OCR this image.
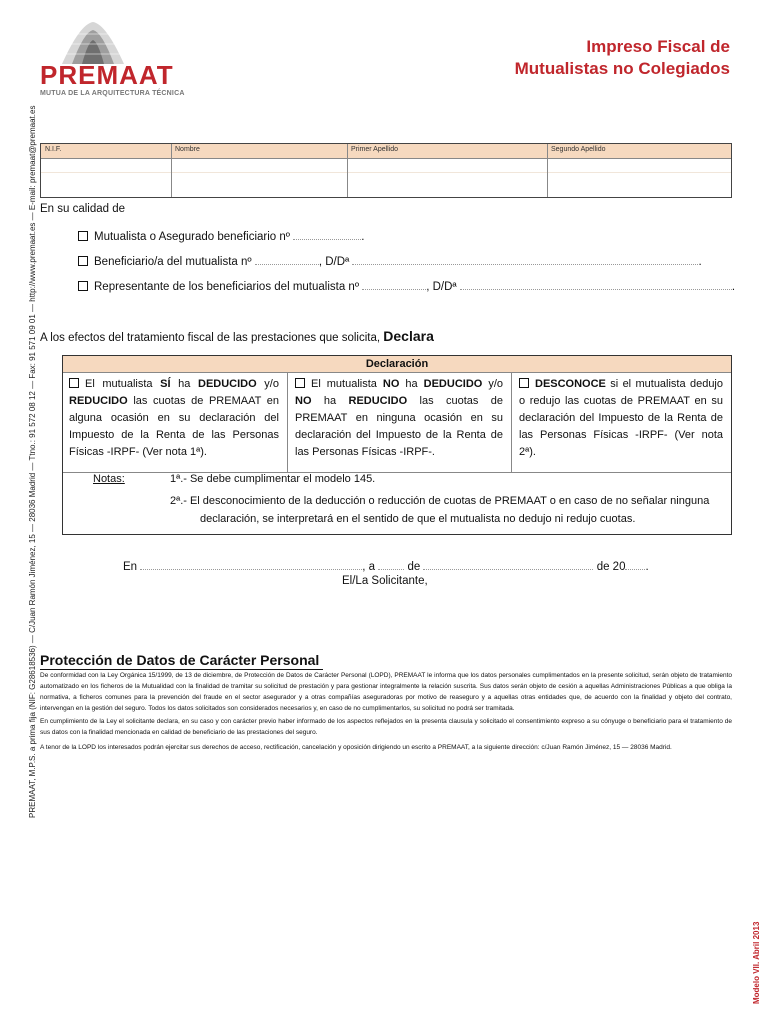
PREMAAT
MUTUA DE LA ARQUITECTURA TÉCNICA
Impreso Fiscal de
Mutualistas no Colegiados
PREMAAT, M.P.S. a prima fija (NIF: G28618536) — C/Juan Ramón Jiménez, 15 — 28036 Madrid — Ttno.: 91 572 08 12 — Fax: 91 571 09 01 — http://www.premaat.es — E-mail: premaat@premaat.es
Modelo VII. Abril 2013
N.I.F.	Nombre	Primer Apellido	Segundo Apellido
En su calidad de
Mutualista o Asegurado beneficiario nº	.
Beneficiario/a del mutualista nº	, D/Dª	.
Representante de los beneficiarios del mutualista nº	, D/Dª	.
A los efectos del tratamiento fiscal de las prestaciones que solicita, Declara
Declaración
El mutualista SÍ ha DEDUCIDO y/o REDUCIDO las cuotas de PREMAAT en alguna ocasión en su declaración del Impuesto de la Renta de las Personas Físicas -IRPF- (Ver nota 1ª).
El mutualista NO ha DEDUCIDO y/o NO ha REDUCIDO las cuotas de PREMAAT en ninguna ocasión en su declaración del Impuesto de la Renta de las Personas Físicas -IRPF-.
DESCONOCE si el mutualista dedujo o redujo las cuotas de PREMAAT en su declaración del Impuesto de la Renta de las Personas Físicas -IRPF- (Ver nota 2ª).
Notas:	1ª.- Se debe cumplimentar el modelo 145.
2ª.- El desconocimiento de la deducción o reducción de cuotas de PREMAAT o en caso de no señalar ninguna
declaración, se interpretará en el sentido de que el mutualista no dedujo ni redujo cuotas.
En	, a	de	de 20 .
El/La Solicitante,
Protección de Datos de Carácter Personal
De conformidad con la Ley Orgánica 15/1999, de 13 de diciembre, de Protección de Datos de Carácter Personal (LOPD), PREMAAT le informa que los datos personales cumplimentados en la presente solicitud, serán objeto de tratamiento automatizado en los ficheros de la Mutualidad con la finalidad de tramitar su solicitud de prestación y para gestionar integralmente la relación suscrita. Sus datos serán objeto de cesión a aquellas Administraciones Públicas a que obliga la normativa, a ficheros comunes para la prevención del fraude en el sector asegurador y a otras compañías aseguradoras por motivo de reaseguro y a aquellas otras entidades que, de acuerdo con la finalidad y objeto del contrato, intervengan en la gestión del seguro. Todos los datos solicitados son considerados necesarios y, en caso de no cumplimentarlos, su solicitud no podrá ser tramitada.
En cumplimiento de la Ley el solicitante declara, en su caso y con carácter previo haber informado de los aspectos reflejados en la presenta clausula y solicitado el consentimiento expreso a su cónyuge o beneficiario para el tratamiento de sus datos con la finalidad mencionada en calidad de beneficiario de las prestaciones del seguro.
A tenor de la LOPD los interesados podrán ejercitar sus derechos de acceso, rectificación, cancelación y oposición dirigiendo un escrito a PREMAAT, a la siguiente dirección: c/Juan Ramón Jiménez, 15 — 28036 Madrid.
